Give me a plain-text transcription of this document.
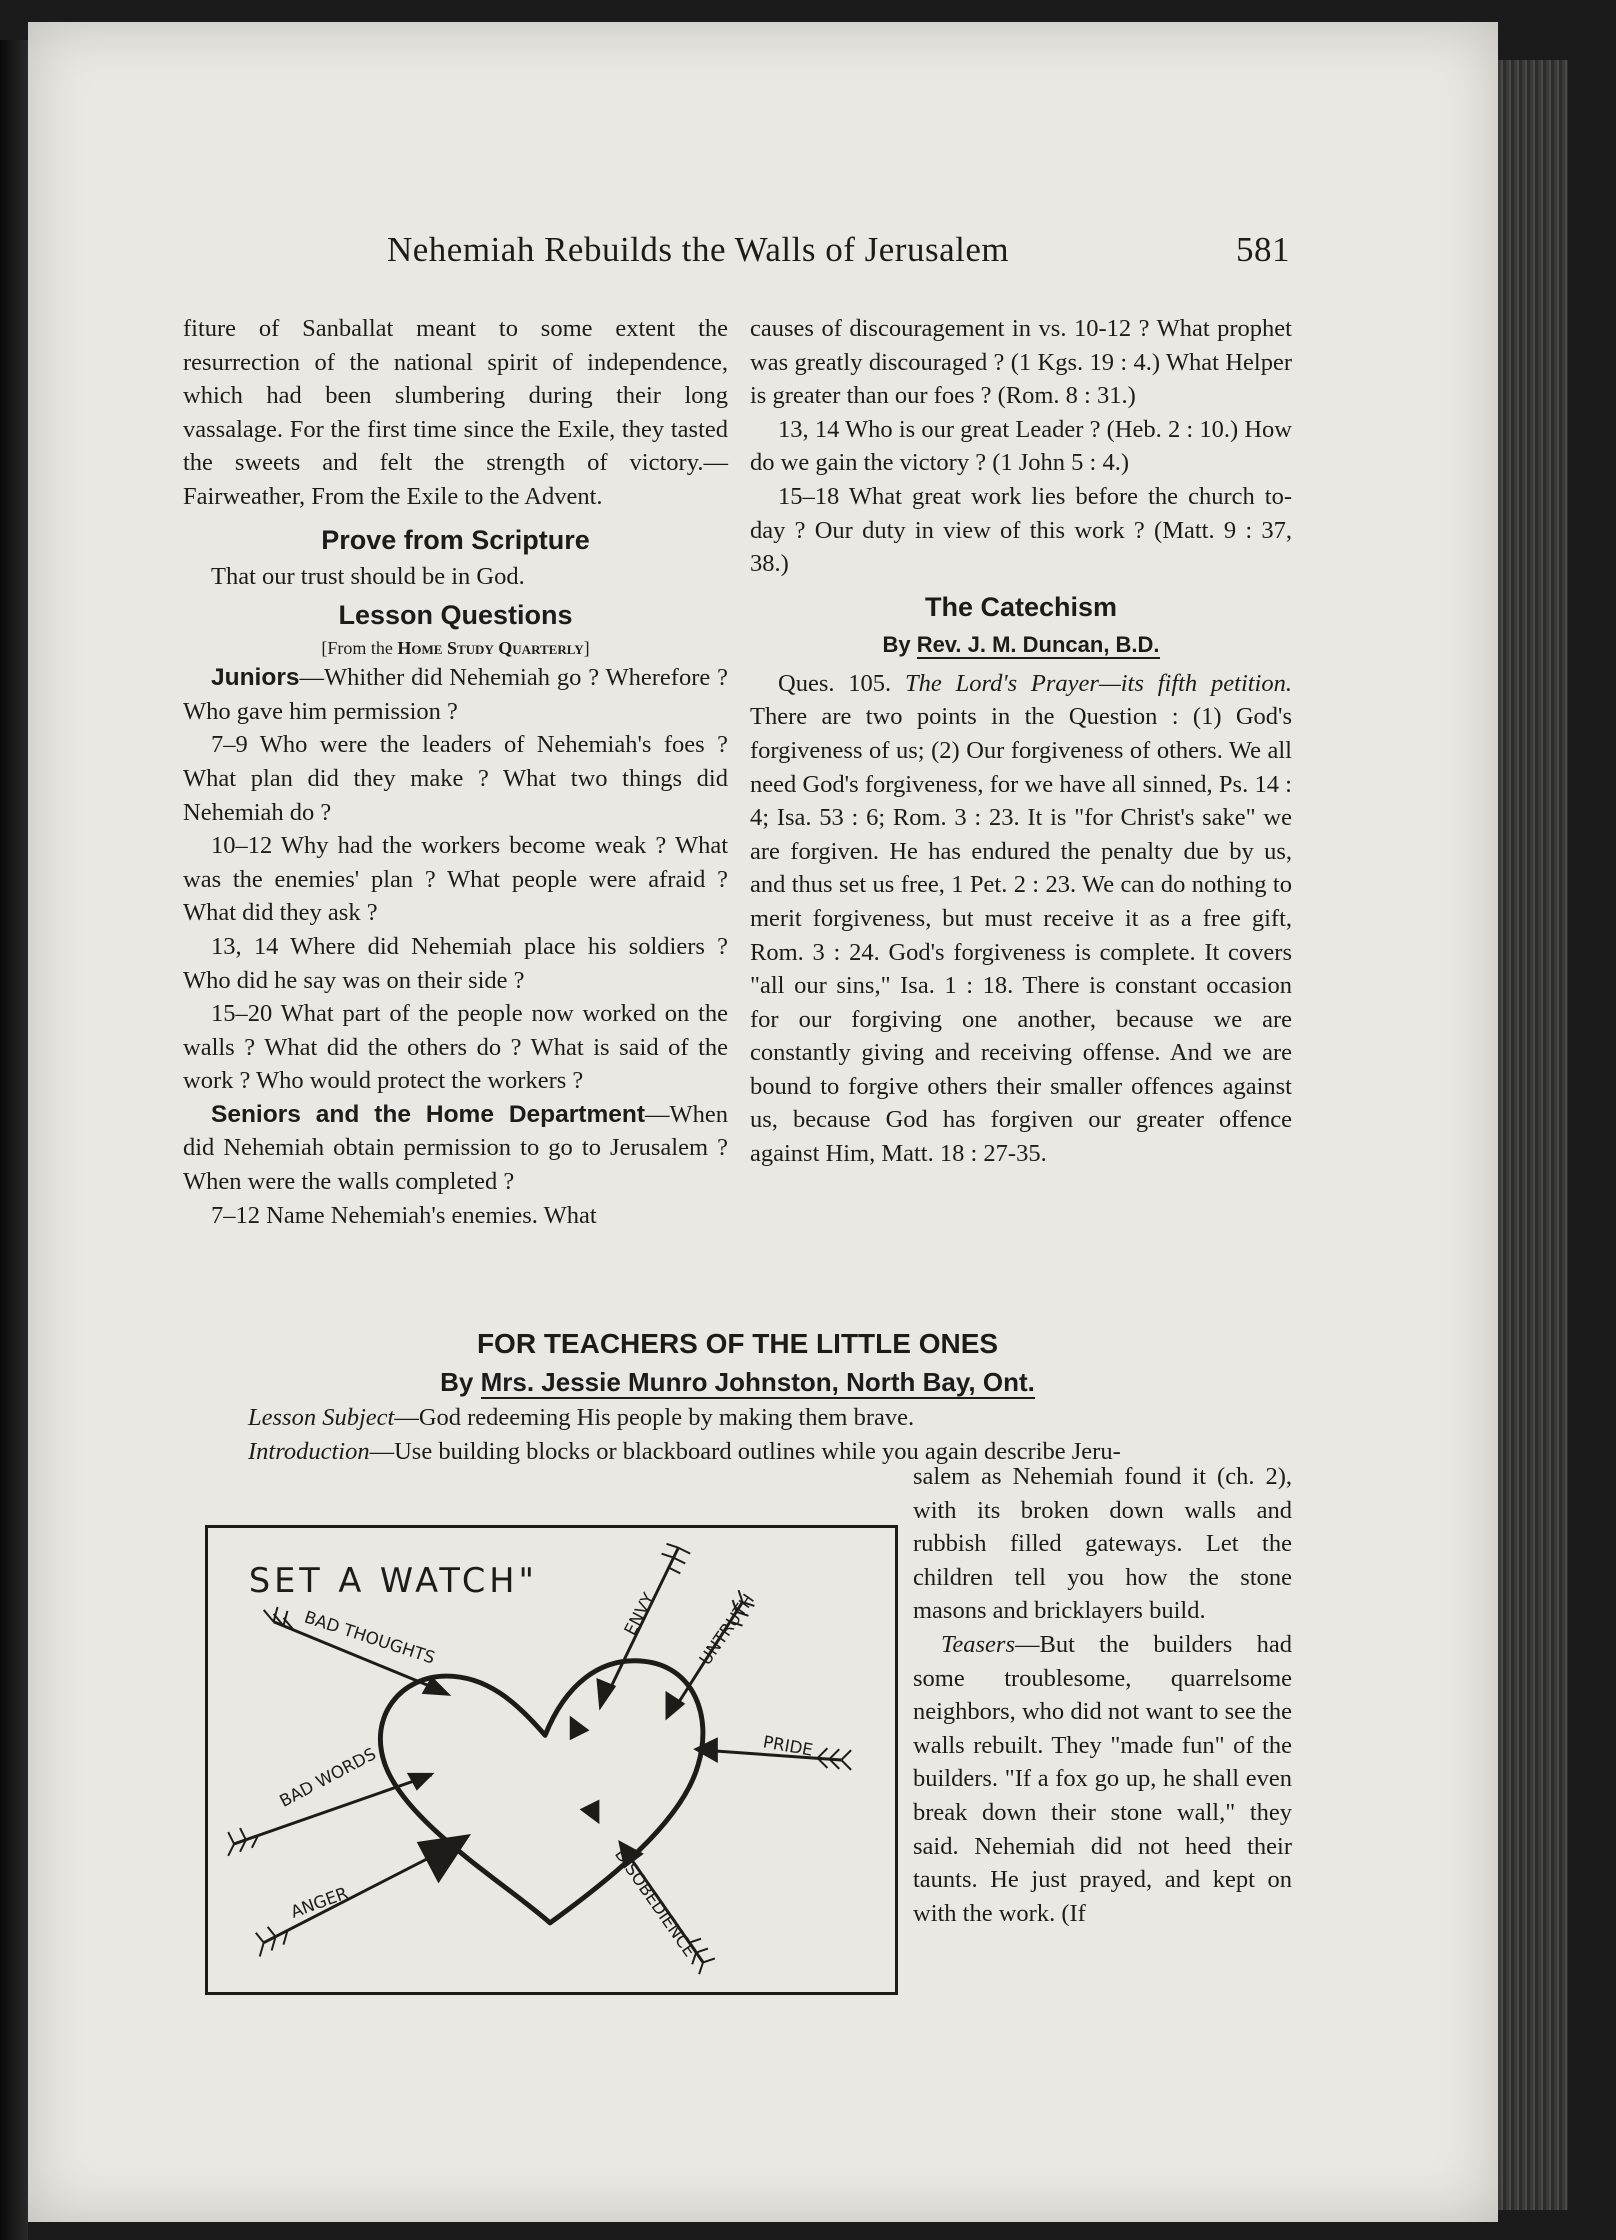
Nehemiah Rebuilds the Walls of Jerusalem	581

fiture of Sanballat meant to some extent the resurrection of the national spirit of independence, which had been slumbering during their long vassalage. For the first time since the Exile, they tasted the sweets and felt the strength of victory.—Fairweather, From the Exile to the Advent.

Prove from Scripture

That our trust should be in God.

Lesson Questions
[From the Home Study Quarterly]

Juniors—Whither did Nehemiah go ? Wherefore ? Who gave him permission ?

7–9 Who were the leaders of Nehemiah's foes ? What plan did they make ? What two things did Nehemiah do ?

10–12 Why had the workers become weak ? What was the enemies' plan ? What people were afraid ? What did they ask ?

13, 14 Where did Nehemiah place his soldiers ? Who did he say was on their side ?

15–20 What part of the people now worked on the walls ? What did the others do ? What is said of the work ? Who would protect the workers ?

Seniors and the Home Department—When did Nehemiah obtain permission to go to Jerusalem ? When were the walls completed ?

7–12 Name Nehemiah's enemies. What

causes of discouragement in vs. 10-12 ? What prophet was greatly discouraged ? (1 Kgs. 19 : 4.) What Helper is greater than our foes ? (Rom. 8 : 31.)

13, 14 Who is our great Leader ? (Heb. 2 : 10.) How do we gain the victory ? (1 John 5 : 4.)

15–18 What great work lies before the church to-day ? Our duty in view of this work ? (Matt. 9 : 37, 38.)

The Catechism
By Rev. J. M. Duncan, B.D.

Ques. 105. The Lord's Prayer—its fifth petition. There are two points in the Question : (1) God's forgiveness of us; (2) Our forgiveness of others. We all need God's forgiveness, for we have all sinned, Ps. 14 : 4; Isa. 53 : 6; Rom. 3 : 23. It is "for Christ's sake" we are forgiven. He has endured the penalty due by us, and thus set us free, 1 Pet. 2 : 23. We can do nothing to merit forgiveness, but must receive it as a free gift, Rom. 3 : 24. God's forgiveness is complete. It covers "all our sins," Isa. 1 : 18. There is constant occasion for our forgiving one another, because we are constantly giving and receiving offense. And we are bound to forgive others their smaller offences against us, because God has forgiven our greater offence against Him, Matt. 18 : 27-35.

FOR TEACHERS OF THE LITTLE ONES
By Mrs. Jessie Munro Johnston, North Bay, Ont.

Lesson Subject—God redeeming His people by making them brave.

Introduction—Use building blocks or blackboard outlines while you again describe Jeru-

salem as Nehemiah found it (ch. 2), with its broken down walls and rubbish filled gateways. Let the children tell you how the stone masons and bricklayers build.

Teasers—But the builders had some troublesome, quarrelsome neighbors, who did not want to see the walls rebuilt. They "made fun" of the builders. "If a fox go up, he shall even break down their stone wall," they said. Nehemiah did not heed their taunts. He just prayed, and kept on with the work. (If

SET A WATCH"
BAD THOUGHTS	ENVY UNTRUTH
PRIDE
BAD WORDS
ANGER	DISOBEDIENCE
